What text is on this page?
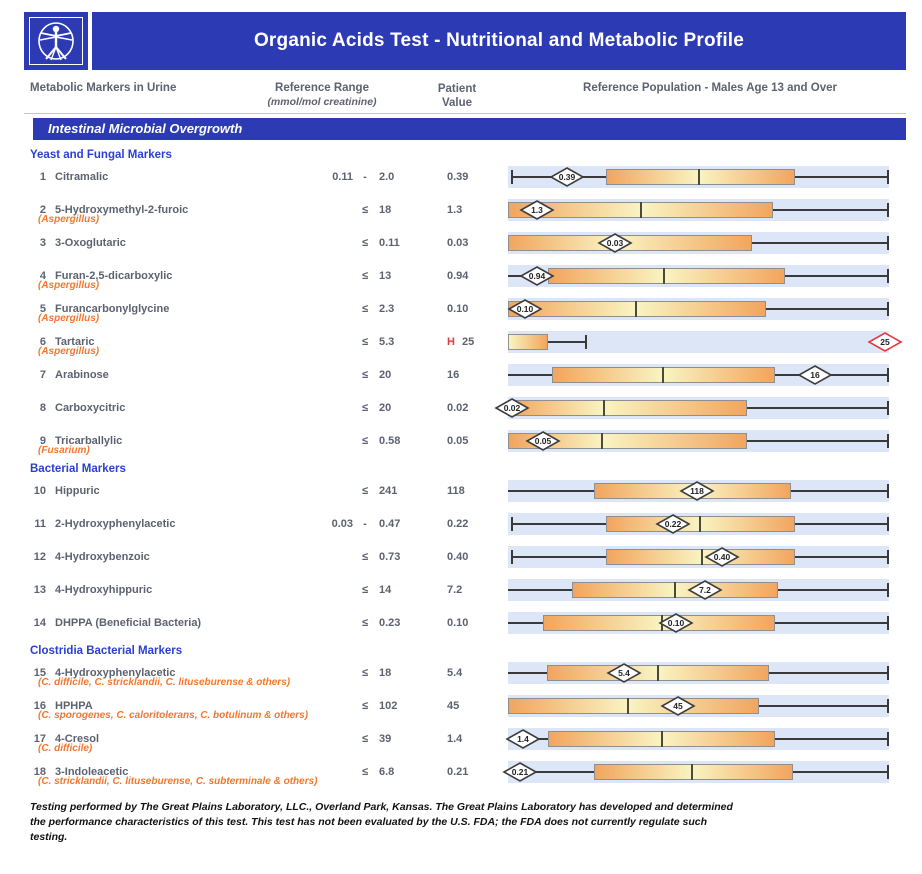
Organic Acids Test - Nutritional and Metabolic Profile
Metabolic Markers in Urine	Reference Range
(mmol/mol creatinine)
Patient
Value
Reference Population - Males Age 13 and Over
Intestinal Microbial Overgrowth
Yeast and Fungal Markers
1 Citramalic	0.11 -	2.0	0.39	0.39
2 5-Hydroxymethyl-2-furoic
(Aspergillus)
≤ 18	1.3	1.3
3 3-Oxoglutaric	≤ 0.11	0.03	0.03
4 Furan-2,5-dicarboxylic
(Aspergillus)
≤ 13	0.94	0.94
5 Furancarbonylglycine
(Aspergillus)
≤ 2.3	0.10	0.10
6 Tartaric
(Aspergillus)
≤ 5.3	H 25	25
7 Arabinose	≤ 20	16	16
8 Carboxycitric	≤ 20	0.02	0.02
9 Tricarballylic
(Fusarium)
≤ 0.58	0.05	0.05
Bacterial Markers
10 Hippuric	≤ 241	118	118
11 2-Hydroxyphenylacetic	0.03 -	0.47	0.22	0.22
12 4-Hydroxybenzoic	≤ 0.73	0.40	0.40
13 4-Hydroxyhippuric	≤ 14	7.2	7.2
14 DHPPA (Beneficial Bacteria)	≤ 0.23	0.10	0.10
Clostridia Bacterial Markers
15 4-Hydroxyphenylacetic
(C. difficile, C. stricklandii, C. lituseburense & others)
≤ 18	5.4	5.4
16 HPHPA
(C. sporogenes, C. caloritolerans, C. botulinum & others)
≤ 102	45	45
17 4-Cresol
(C. difficile)
≤ 39	1.4	1.4
18 3-Indoleacetic
(C. stricklandii, C. lituseburense, C. subterminale & others)
≤ 6.8	0.21	0.21
Testing performed by The Great Plains Laboratory, LLC., Overland Park, Kansas. The Great Plains Laboratory has developed and determined the performance characteristics of this test. This test has not been evaluated by the U.S. FDA; the FDA does not currently regulate such testing.
